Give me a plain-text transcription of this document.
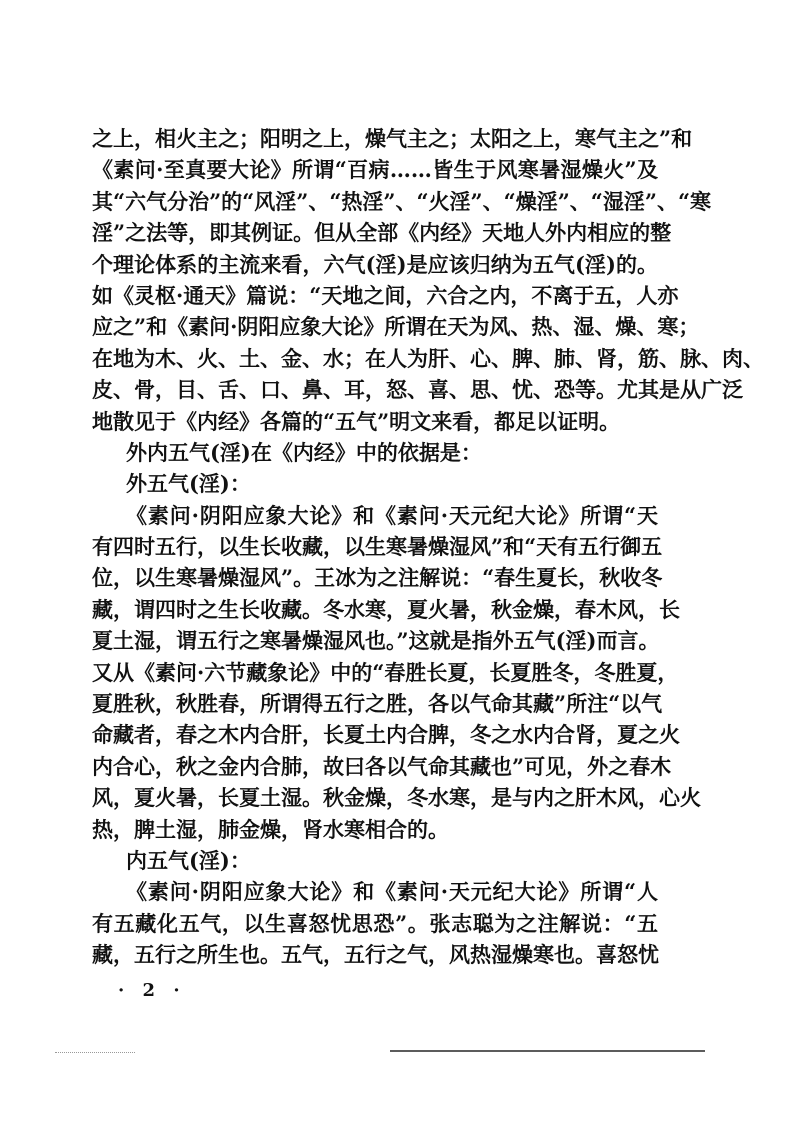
之上，相火主之；阳明之上，燥气主之；太阳之上，寒气主之”和
《素问·至真要大论》所谓“百病……皆生于风寒暑湿燥火”及
其“六气分治”的“风淫”、“热淫”、“火淫”、“燥淫”、“湿淫”、“寒
淫”之法等，即其例证。但从全部《内经》天地人外内相应的整
个理论体系的主流来看，六气(淫)是应该归纳为五气(淫)的。
如《灵枢·通天》篇说：“天地之间，六合之内，不离于五，人亦
应之”和《素问·阴阳应象大论》所谓在天为风、热、湿、燥、寒；
在地为木、火、土、金、水；在人为肝、心、脾、肺、肾，筋、脉、肉、
皮、骨，目、舌、口、鼻、耳，怒、喜、思、忧、恐等。尤其是从广泛
地散见于《内经》各篇的“五气”明文来看，都足以证明。
外内五气(淫)在《内经》中的依据是：
外五气(淫)：
《素问·阴阳应象大论》和《素问·天元纪大论》所谓“天
有四时五行，以生长收藏，以生寒暑燥湿风”和“天有五行御五
位，以生寒暑燥湿风”。王冰为之注解说：“春生夏长，秋收冬
藏，谓四时之生长收藏。冬水寒，夏火暑，秋金燥，春木风，长
夏土湿，谓五行之寒暑燥湿风也。”这就是指外五气(淫)而言。
又从《素问·六节藏象论》中的“春胜长夏，长夏胜冬，冬胜夏，
夏胜秋，秋胜春，所谓得五行之胜，各以气命其藏”所注“以气
命藏者，春之木内合肝，长夏土内合脾，冬之水内合肾，夏之火
内合心，秋之金内合肺，故曰各以气命其藏也”可见，外之春木
风，夏火暑，长夏土湿。秋金燥，冬水寒，是与内之肝木风，心火
热，脾土湿，肺金燥，肾水寒相合的。
内五气(淫)：
《素问·阴阳应象大论》和《素问·天元纪大论》所谓“人
有五藏化五气，以生喜怒忧思恐”。张志聪为之注解说：“五
藏，五行之所生也。五气，五行之气，风热湿燥寒也。喜怒忧
· 2 ·
